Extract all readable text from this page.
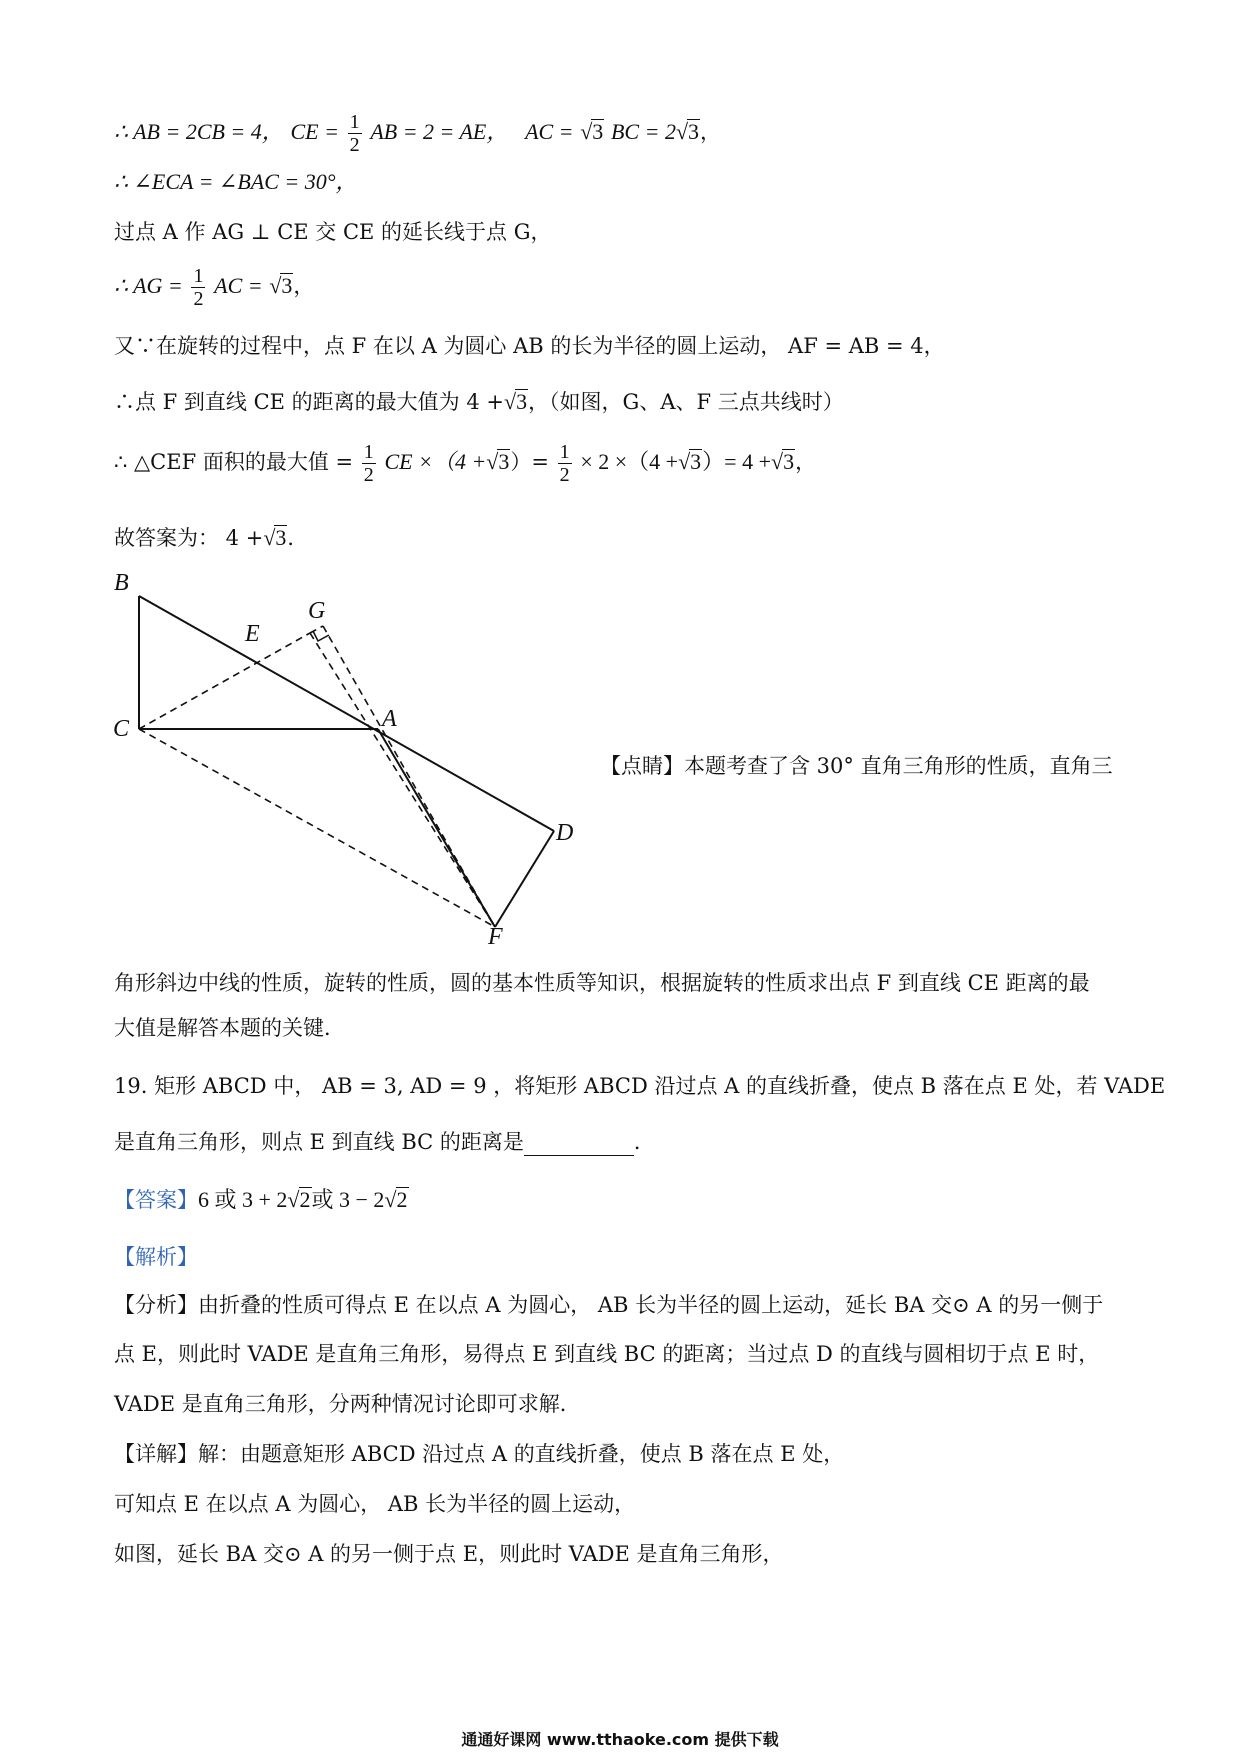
∴ AB = 2CB = 4， CE = $\frac{1}{2}$ AB = 2 = AE， AC = √3 BC = 2√3，
∴ ∠ECA = ∠BAC = 30°，
过点 A 作 AG ⊥ CE 交 CE 的延长线于点 G，
∴ AG = $\frac{1}{2}$ AC = √3，
又∵在旋转的过程中，点 F 在以 A 为圆心 AB 的长为半径的圆上运动， AF = AB = 4，
∴点 F 到直线 CE 的距离的最大值为 4 +√3，（如图，G、A、F 三点共线时）
∴ △CEF 面积的最大值 = $\frac{1}{2}$ CE $\times(4 +√3)= \frac{1}{2} \times 2 \times(4 +√3)= 4 +√3$，
故答案为： 4 +√3．
B
G
E
C	A
D
F
【点睛】本题考查了含 30° 直角三角形的性质，直角三
角形斜边中线的性质，旋转的性质，圆的基本性质等知识，根据旋转的性质求出点 F 到直线 CE 距离的最
大值是解答本题的关键．
19. 矩形 ABCD 中， AB = 3, AD = 9 ，将矩形 ABCD 沿过点 A 的直线折叠，使点 B 落在点 E 处，若 VADE
是直角三角形，则点 E 到直线 BC 的距离是	．
【答案】6 或 3 + 2√2或 3 − 2√2
【解析】
【分析】由折叠的性质可得点 E 在以点 A 为圆心， AB 长为半径的圆上运动，延长 BA 交⊙ A 的另一侧于
点 E，则此时 VADE 是直角三角形，易得点 E 到直线 BC 的距离；当过点 D 的直线与圆相切于点 E 时，
VADE 是直角三角形，分两种情况讨论即可求解．
【详解】解：由题意矩形 ABCD 沿过点 A 的直线折叠，使点 B 落在点 E 处，
可知点 E 在以点 A 为圆心， AB 长为半径的圆上运动，
如图，延长 BA 交⊙ A 的另一侧于点 E，则此时 VADE 是直角三角形，
通通好课网 www.tthaoke.com 提供下载
